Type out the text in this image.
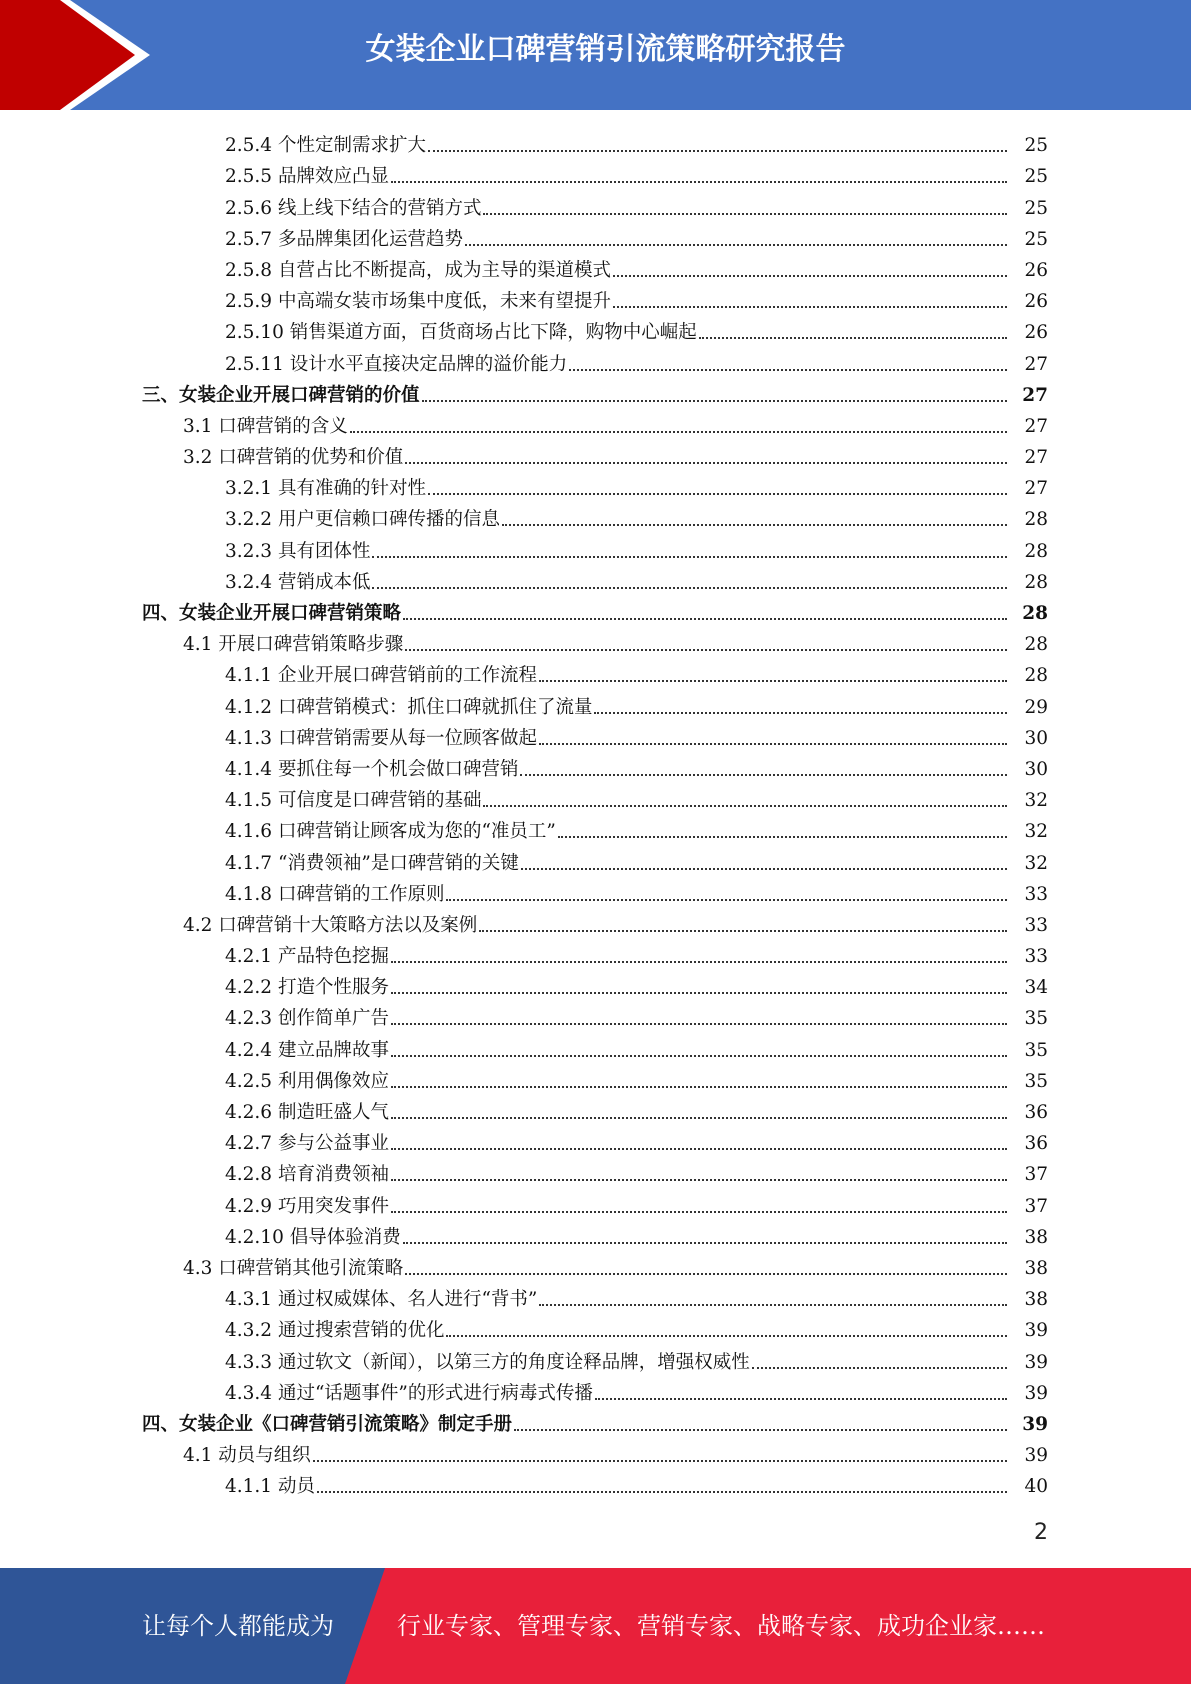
女装企业口碑营销引流策略研究报告
2.5.4 个性定制需求扩大	25
2.5.5 品牌效应凸显	25
2.5.6 线上线下结合的营销方式	25
2.5.7 多品牌集团化运营趋势	25
2.5.8 自营占比不断提高，成为主导的渠道模式	26
2.5.9 中高端女装市场集中度低，未来有望提升	26
2.5.10 销售渠道方面，百货商场占比下降，购物中心崛起	26
2.5.11 设计水平直接决定品牌的溢价能力	27
三、女装企业开展口碑营销的价值	27
3.1 口碑营销的含义	27
3.2 口碑营销的优势和价值	27
3.2.1 具有准确的针对性	27
3.2.2 用户更信赖口碑传播的信息	28
3.2.3 具有团体性	28
3.2.4 营销成本低	28
四、女装企业开展口碑营销策略	28
4.1 开展口碑营销策略步骤	28
4.1.1 企业开展口碑营销前的工作流程	28
4.1.2 口碑营销模式：抓住口碑就抓住了流量	29
4.1.3 口碑营销需要从每一位顾客做起	30
4.1.4 要抓住每一个机会做口碑营销	30
4.1.5 可信度是口碑营销的基础	32
4.1.6 口碑营销让顾客成为您的“准员工”	32
4.1.7 “消费领袖”是口碑营销的关键	32
4.1.8 口碑营销的工作原则	33
4.2 口碑营销十大策略方法以及案例	33
4.2.1 产品特色挖掘	33
4.2.2 打造个性服务	34
4.2.3 创作简单广告	35
4.2.4 建立品牌故事	35
4.2.5 利用偶像效应	35
4.2.6 制造旺盛人气	36
4.2.7 参与公益事业	36
4.2.8 培育消费领袖	37
4.2.9 巧用突发事件	37
4.2.10 倡导体验消费	38
4.3 口碑营销其他引流策略	38
4.3.1 通过权威媒体、名人进行“背书”	38
4.3.2 通过搜索营销的优化	39
4.3.3 通过软文（新闻），以第三方的角度诠释品牌，增强权威性	39
4.3.4 通过“话题事件”的形式进行病毒式传播	39
四、女装企业《口碑营销引流策略》制定手册	39
4.1 动员与组织	39
4.1.1 动员	40
2
让每个人都能成为	行业专家、管理专家、营销专家、战略专家、成功企业家……
